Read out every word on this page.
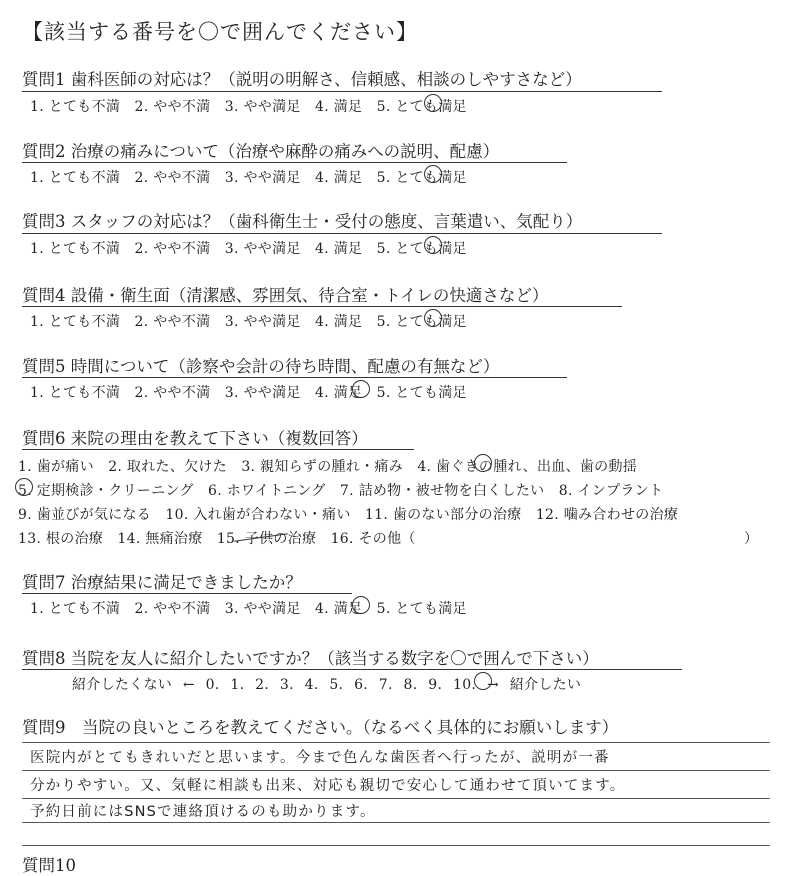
【該当する番号を〇で囲んでください】
質問1 歯科医師の対応は？（説明の明解さ、信頼感、相談のしやすさなど）
1. とても不満　 2. やや不満　 3. やや満足　 4. 満足　 5. とても満足
質問2 治療の痛みについて（治療や麻酔の痛みへの説明、配慮）
1. とても不満　 2. やや不満　 3. やや満足　 4. 満足　 5. とても満足
質問3 スタッフの対応は？（歯科衛生士・受付の態度、言葉遣い、気配り）
1. とても不満　 2. やや不満　 3. やや満足　 4. 満足　 5. とても満足
質問4 設備・衛生面（清潔感、雰囲気、待合室・トイレの快適さなど）
1. とても不満　 2. やや不満　 3. やや満足　 4. 満足　 5. とても満足
質問5 時間について（診察や会計の待ち時間、配慮の有無など）
1. とても不満　 2. やや不満　 3. やや満足　 4. 満足　 5. とても満足
質問6 来院の理由を教えて下さい（複数回答）
1. 歯が痛い　2. 取れた、欠けた　3. 親知らずの腫れ・痛み　4. 歯ぐきの腫れ、出血、歯の動揺
5. 定期検診・クリーニング　6. ホワイトニング　7. 詰め物・被せ物を白くしたい　8. インプラント
9. 歯並びが気になる　10. 入れ歯が合わない・痛い　11. 歯のない部分の治療　12. 噛み合わせの治療
13. 根の治療　14. 無痛治療　 15. 子供の治療　 16. その他（	）
質問7 治療結果に満足できましたか？
1. とても不満　 2. やや不満　 3. やや満足　 4. 満足　 5. とても満足
質問8 当院を友人に紹介したいですか？（該当する数字を〇で囲んで下さい）
紹介したくない ← 0. 1. 2. 3. 4. 5. 6. 7. 8. 9. 10. → 紹介したい
質問9　 当院の良いところを教えてください。（なるべく具体的にお願いします）
医院内がとてもきれいだと思います。今まで色んな歯医者へ行ったが、説明が一番
分かりやすい。又、気軽に相談も出来、対応も親切で安心して通わせて頂いてます。
予約日前にはSNSで連絡頂けるのも助かります。
質問10
